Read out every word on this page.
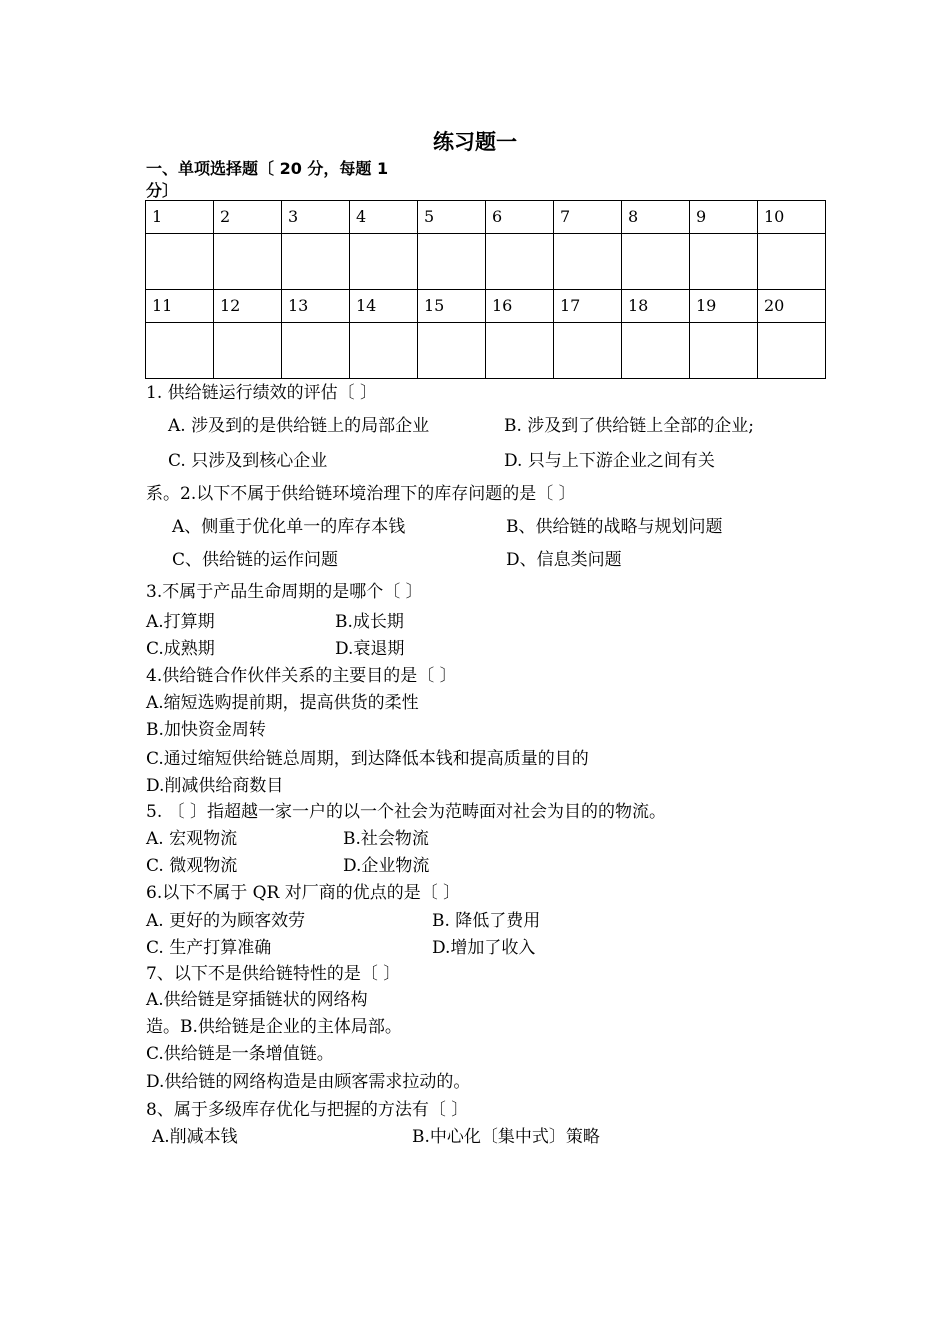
练习题一
一、单项选择题〔 20 分，每题 1
分〕
1	2	3	4	5	6	7	8	9	10

11	12	13	14	15	16	17	18	19	20

1. 供给链运行绩效的评估〔 〕
A. 涉及到的是供给链上的局部企业	B. 涉及到了供给链上全部的企业;
C. 只涉及到核心企业	D. 只与上下游企业之间有关
系。2.以下不属于供给链环境治理下的库存问题的是〔 〕
A、侧重于优化单一的库存本钱	B、供给链的战略与规划问题
C、供给链的运作问题	D、信息类问题
3.不属于产品生命周期的是哪个〔 〕
A.打算期	B.成长期
C.成熟期	D.衰退期
4.供给链合作伙伴关系的主要目的是〔 〕
A.缩短选购提前期，提高供货的柔性
B.加快资金周转
C.通过缩短供给链总周期，到达降低本钱和提高质量的目的
D.削减供给商数目
5. 〔 〕指超越一家一户的以一个社会为范畴面对社会为目的的物流。
A. 宏观物流	B.社会物流
C. 微观物流	D.企业物流
6.以下不属于 QR 对厂商的优点的是〔 〕
A. 更好的为顾客效劳	B. 降低了费用
C. 生产打算准确	D.增加了收入
7、以下不是供给链特性的是〔 〕
A.供给链是穿插链状的网络构
造。B.供给链是企业的主体局部。
C.供给链是一条增值链。
D.供给链的网络构造是由顾客需求拉动的。
8、属于多级库存优化与把握的方法有〔 〕
A.削减本钱	B.中心化〔集中式〕策略
